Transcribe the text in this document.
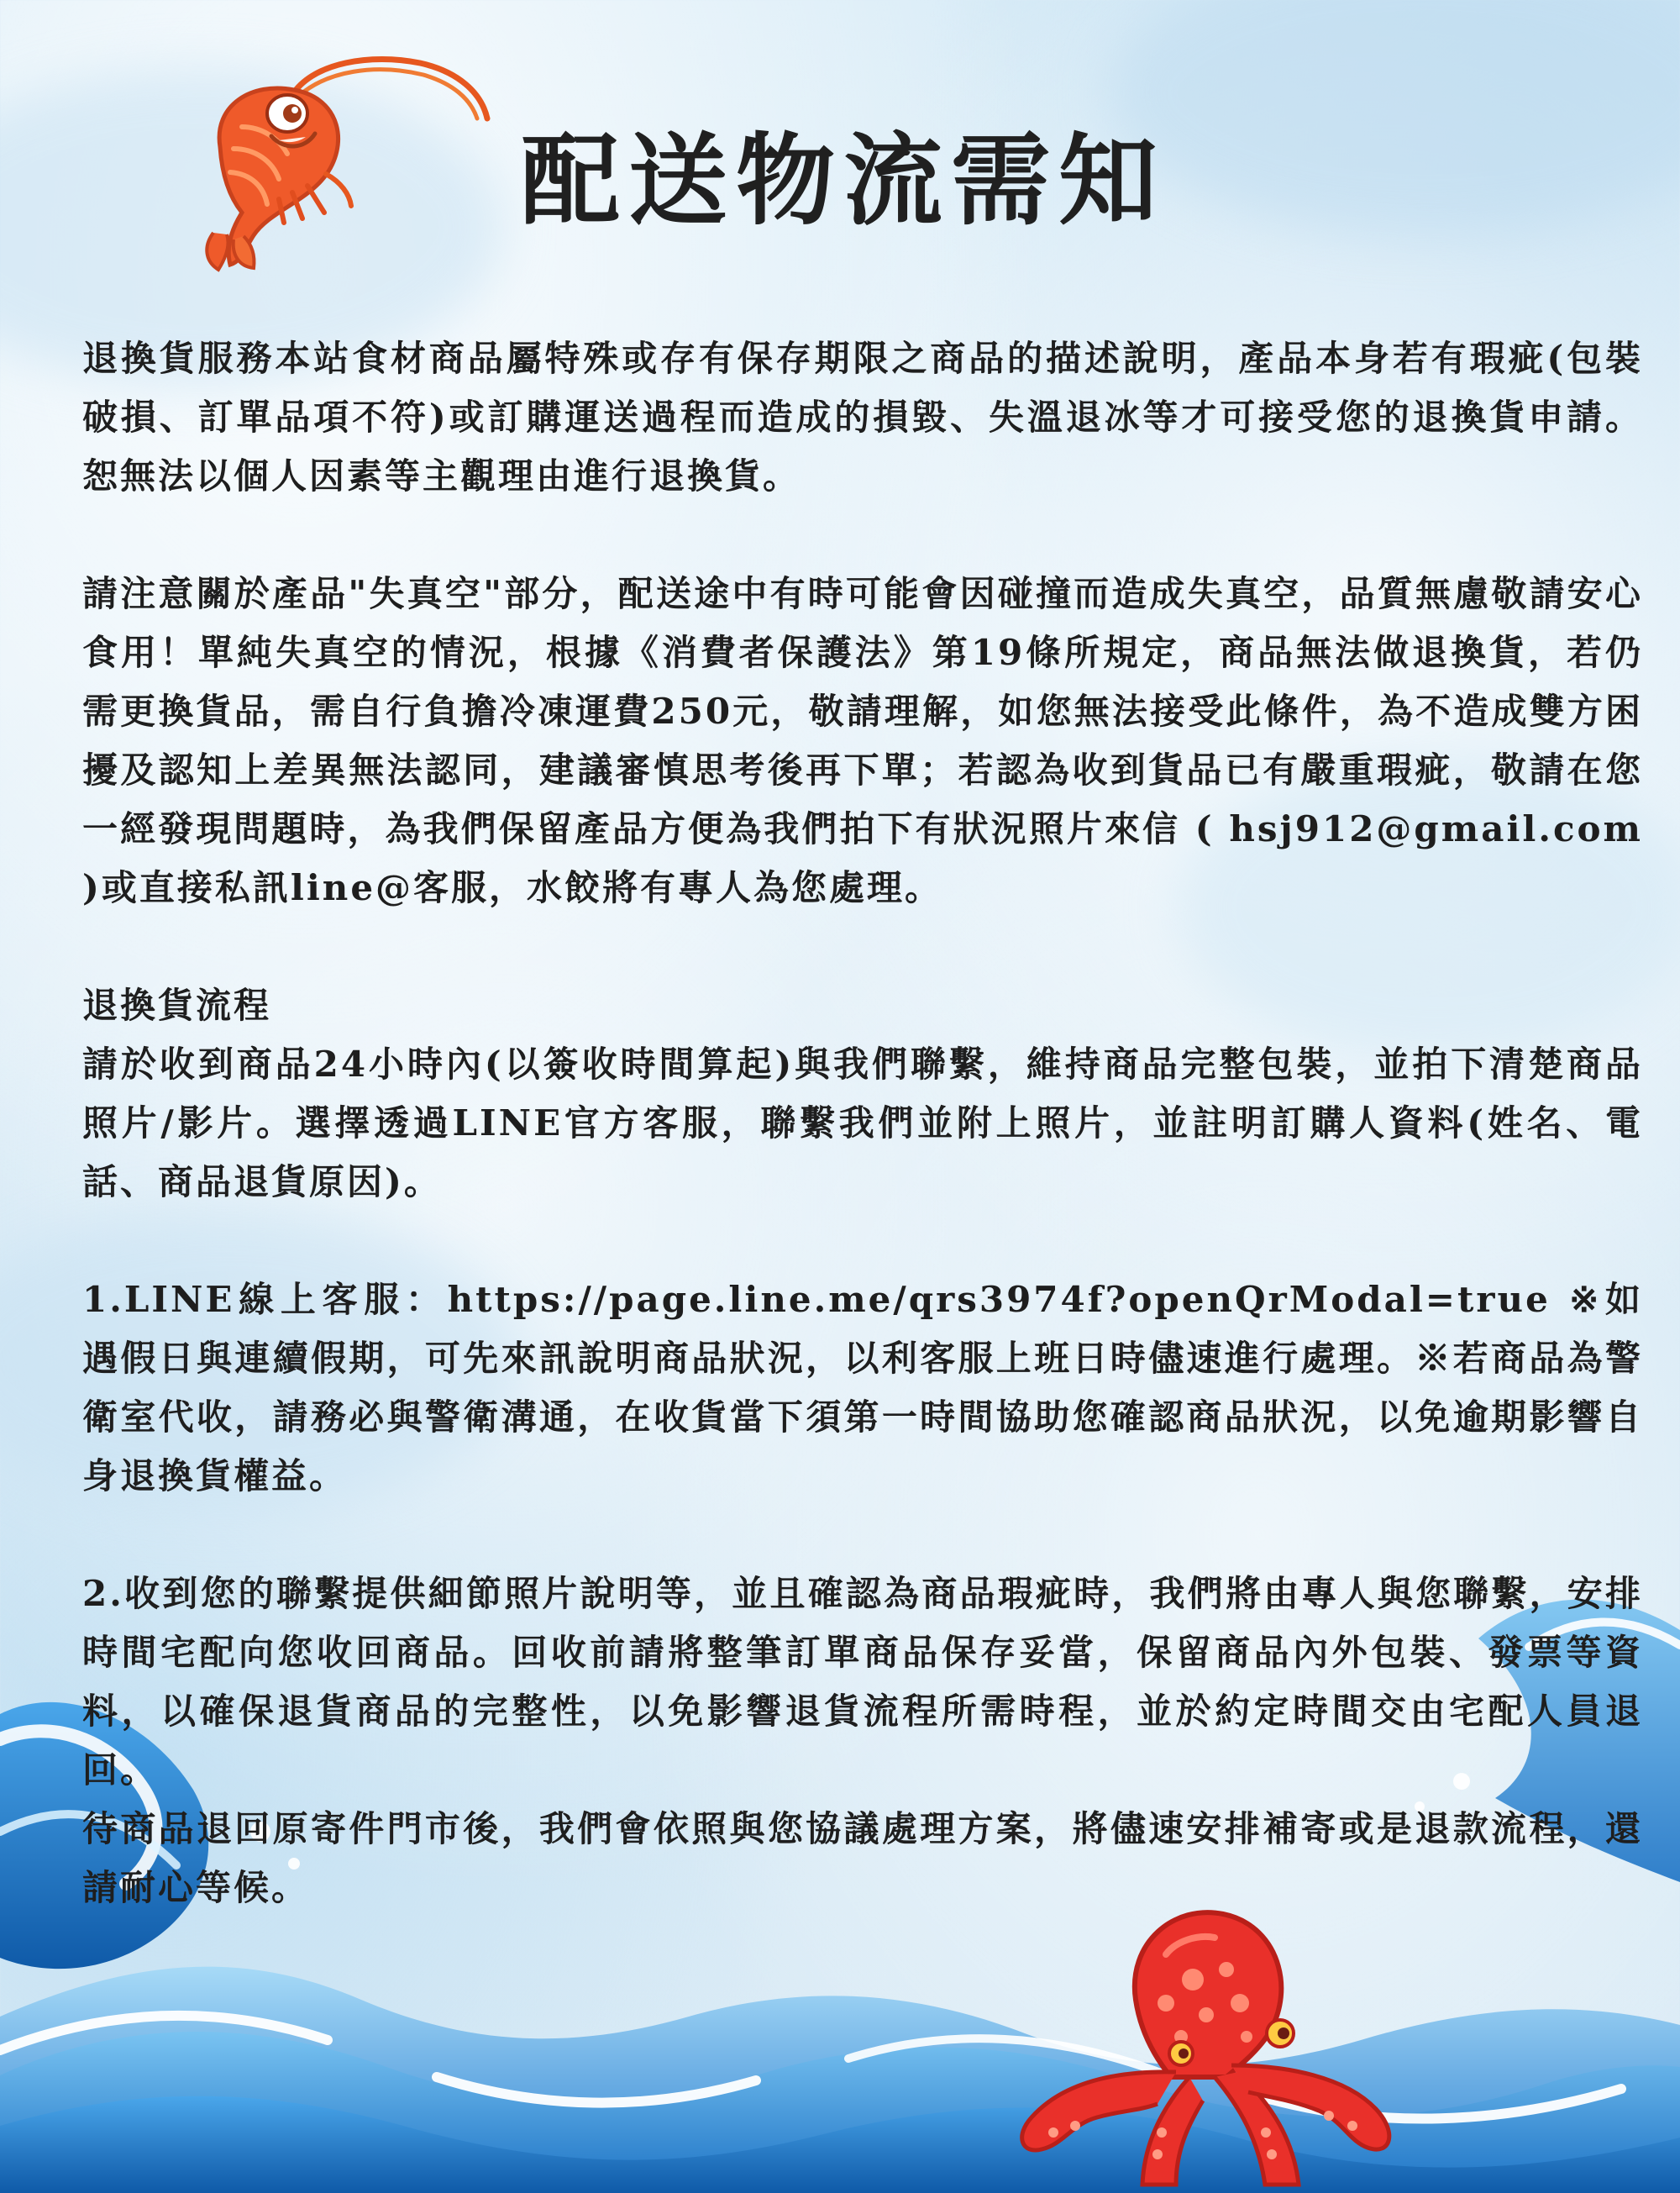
配送物流需知

退換貨服務本站食材商品屬特殊或存有保存期限之商品的描述說明，產品本身若有瑕疵(包裝破損、訂單品項不符)或訂購運送過程而造成的損毀、失溫退冰等才可接受您的退換貨申請。恕無法以個人因素等主觀理由進行退換貨。

請注意關於產品"失真空"部分，配送途中有時可能會因碰撞而造成失真空，品質無慮敬請安心食用！單純失真空的情況，根據《消費者保護法》第19條所規定，商品無法做退換貨，若仍需更換貨品，需自行負擔冷凍運費250元，敬請理解，如您無法接受此條件，為不造成雙方困擾及認知上差異無法認同，建議審慎思考後再下單；若認為收到貨品已有嚴重瑕疵，敬請在您一經發現問題時，為我們保留產品方便為我們拍下有狀況照片來信 ( hsj912@gmail.com )或直接私訊line@客服，水餃將有專人為您處理。

退換貨流程

請於收到商品24小時內(以簽收時間算起)與我們聯繫，維持商品完整包裝，並拍下清楚商品照片/影片。選擇透過LINE官方客服，聯繫我們並附上照片，並註明訂購人資料(姓名、電話、商品退貨原因)。

1.LINE線上客服：https://page.line.me/qrs3974f?openQrModal=true ※如遇假日與連續假期，可先來訊說明商品狀況，以利客服上班日時儘速進行處理。※若商品為警衛室代收，請務必與警衛溝通，在收貨當下須第一時間協助您確認商品狀況，以免逾期影響自身退換貨權益。

2.收到您的聯繫提供細節照片說明等，並且確認為商品瑕疵時，我們將由專人與您聯繫，安排時間宅配向您收回商品。回收前請將整筆訂單商品保存妥當，保留商品內外包裝、發票等資料，以確保退貨商品的完整性，以免影響退貨流程所需時程，並於約定時間交由宅配人員退回。

待商品退回原寄件門市後，我們會依照與您協議處理方案，將儘速安排補寄或是退款流程，還請耐心等候。
